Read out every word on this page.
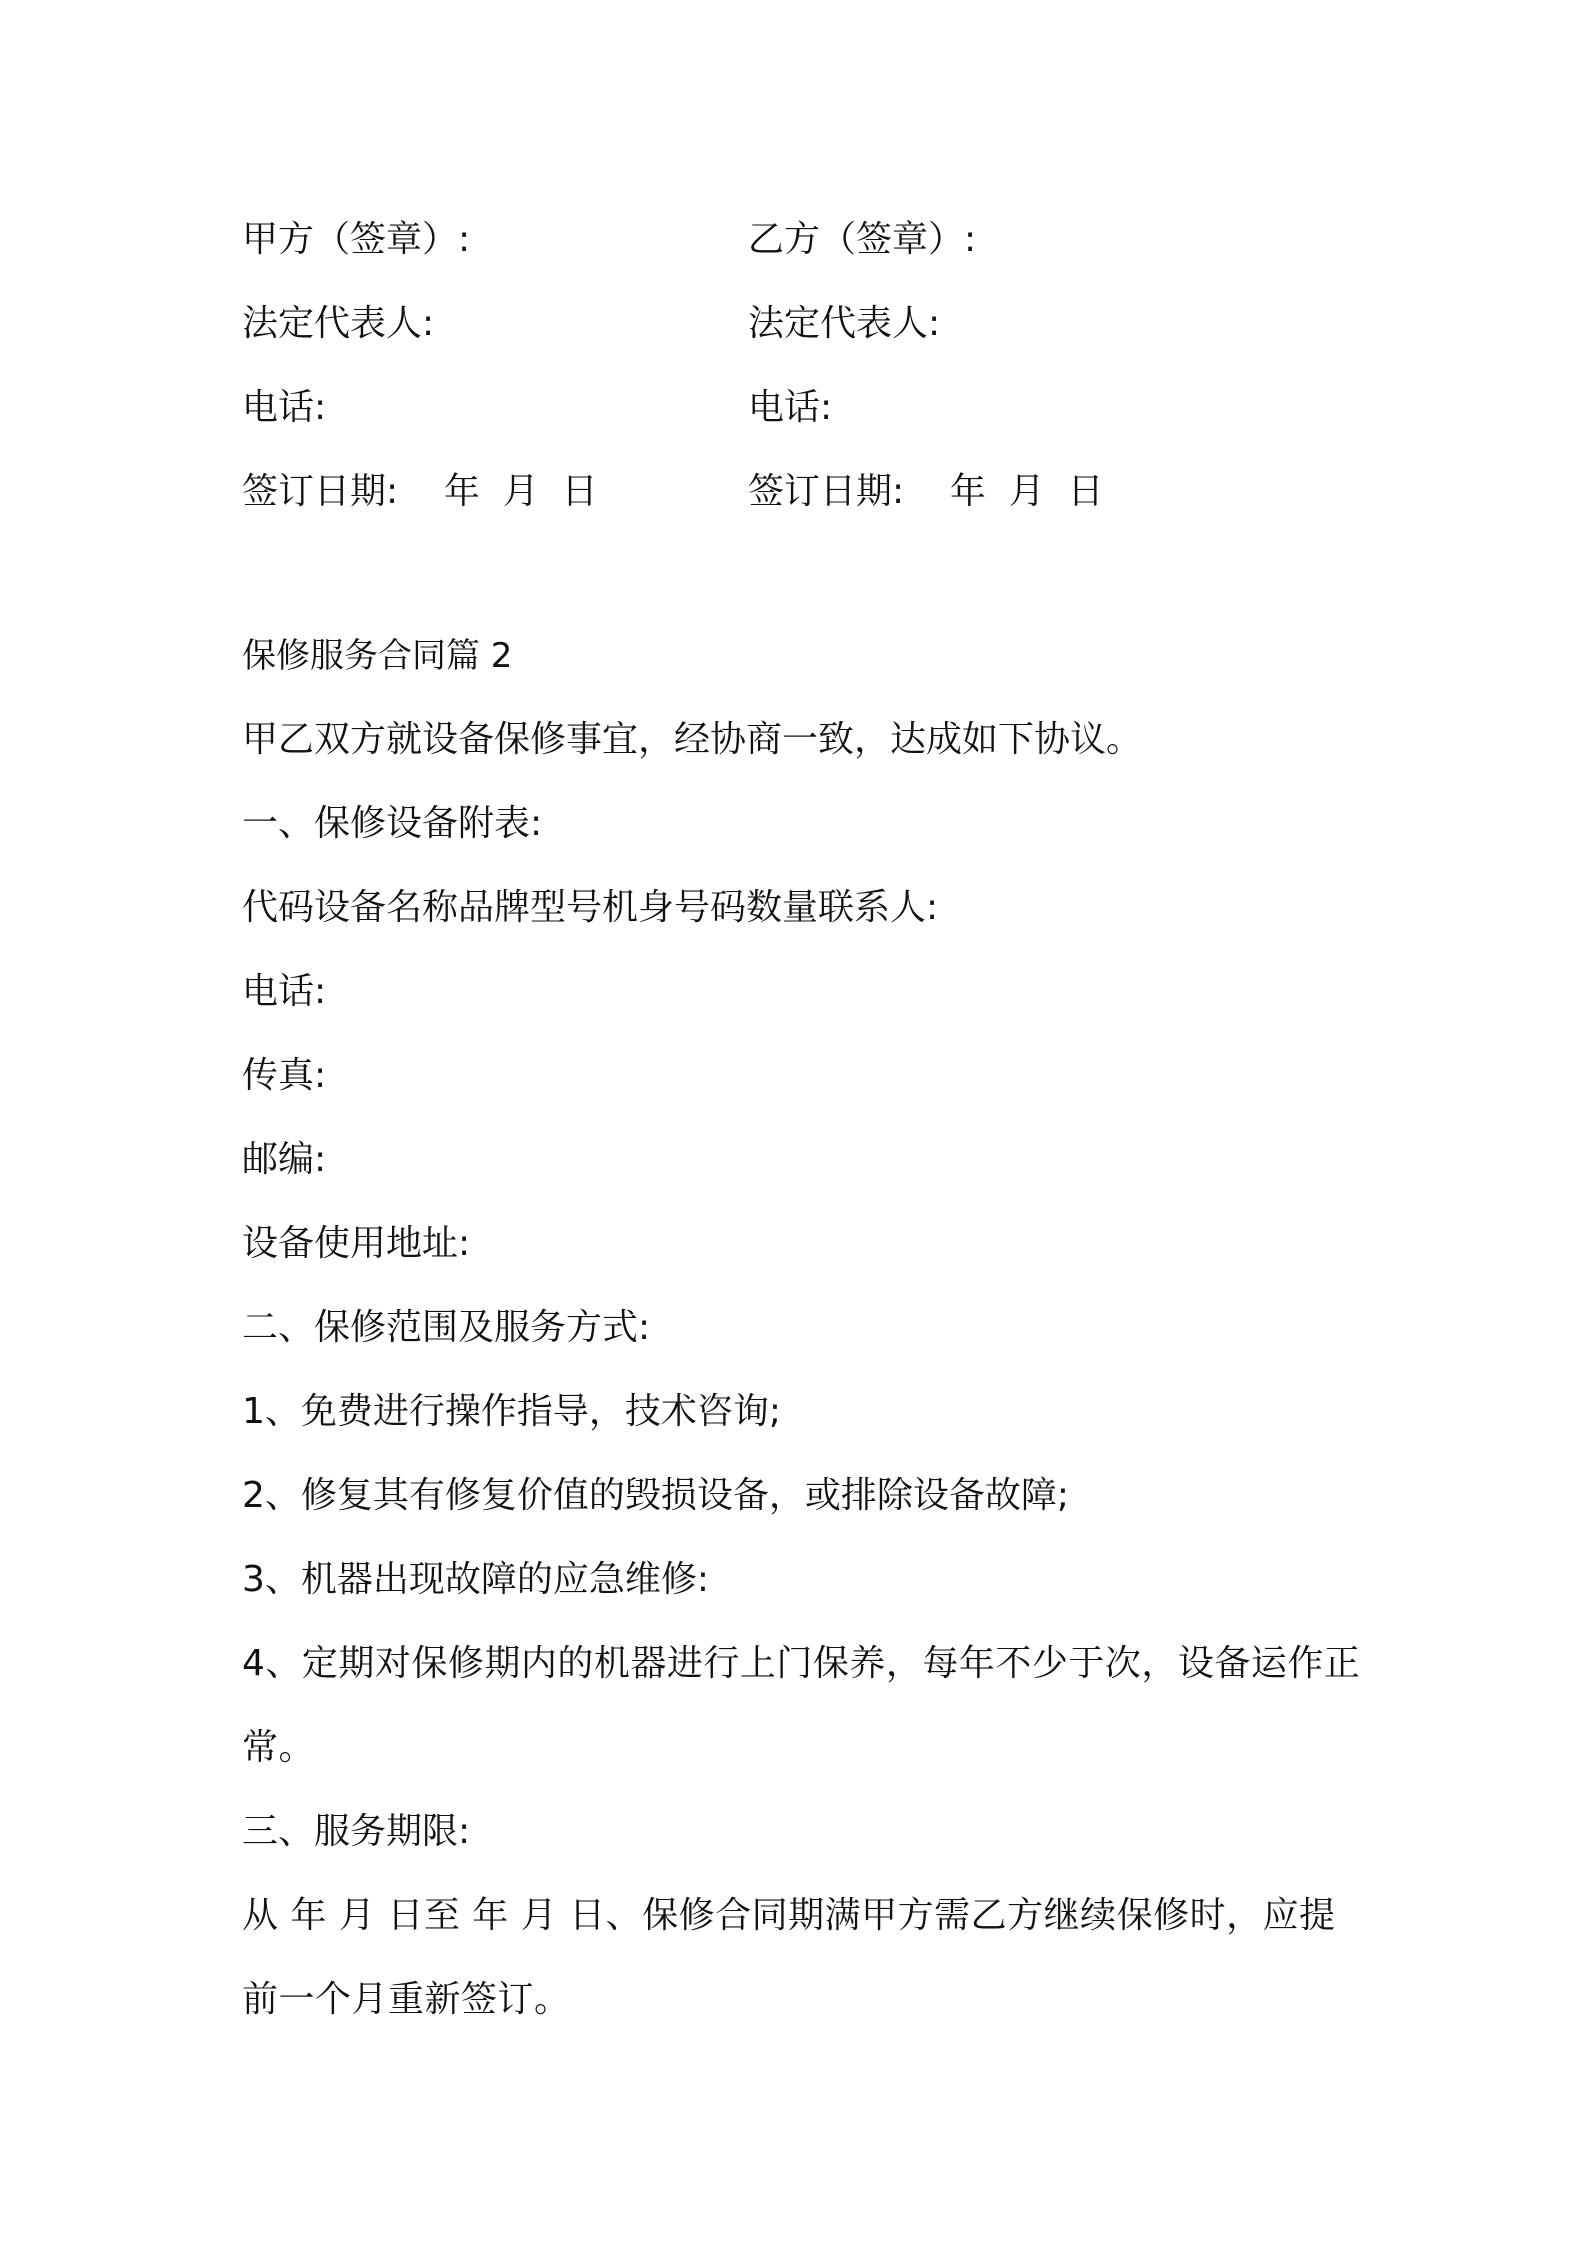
甲方（签章）:	乙方（签章）:
法定代表人:	法定代表人:
电话:	电话:
签订日期:    年  月  日	签订日期:    年  月  日
保修服务合同篇 2
甲乙双方就设备保修事宜，经协商一致，达成如下协议。
一、保修设备附表:
代码设备名称品牌型号机身号码数量联系人:
电话:
传真:
邮编:
设备使用地址:
二、保修范围及服务方式:
1、免费进行操作指导，技术咨询;
2、修复其有修复价值的毁损设备，或排除设备故障;
3、机器出现故障的应急维修:
4、定期对保修期内的机器进行上门保养，每年不少于次，设备运作正常。
三、服务期限:
从 年 月 日至 年 月 日、保修合同期满甲方需乙方继续保修时，应提前一个月重新签订。
